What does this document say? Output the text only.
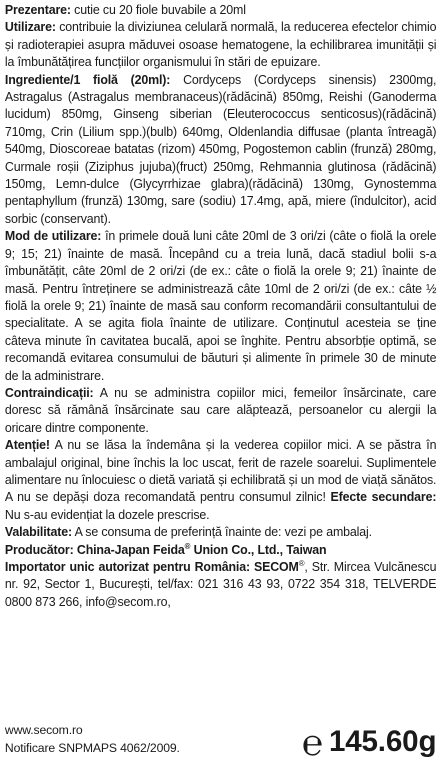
Prezentare: cutie cu 20 fiole buvabile a 20ml

Utilizare: contribuie la diviziunea celulară normală, la reducerea efectelor chimio și radioterapiei asupra măduvei osoase hematogene, la echilibrarea imunității și la îmbunătățirea funcțiilor organismului în stări de epuizare.

Ingrediente/1 fiolă (20ml): Cordyceps (Cordyceps sinensis) 2300mg, Astragalus (Astragalus membranaceus)(rădăcină) 850mg, Reishi (Ganoderma lucidum) 850mg, Ginseng siberian (Eleuterococcus senticosus)(rădăcină) 710mg, Crin (Lilium spp.)(bulb) 640mg, Oldenlandia diffusae (planta întreagă) 540mg, Dioscoreae batatas (rizom) 450mg, Pogostemon cablin (frunză) 280mg, Curmale roșii (Ziziphus jujuba)(fruct) 250mg, Rehmannia glutinosa (rădăcină) 150mg, Lemn-dulce (Glycyrrhizae glabra)(rădăcină) 130mg, Gynostemma pentaphyllum (frunză) 130mg, sare (sodiu) 17.4mg, apă, miere (îndulcitor), acid sorbic (conservant).

Mod de utilizare: în primele două luni câte 20ml de 3 ori/zi (câte o fiolă la orele 9; 15; 21) înainte de masă. Începând cu a treia lună, dacă stadiul bolii s-a îmbunătățit, câte 20ml de 2 ori/zi (de ex.: câte o fiolă la orele 9; 21) înainte de masă. Pentru întreținere se administrează câte 10ml de 2 ori/zi (de ex.: câte ½ fiolă la orele 9; 21) înainte de masă sau conform recomandării consultantului de specialitate. A se agita fiola înainte de utilizare. Conținutul acesteia se ține câteva minute în cavitatea bucală, apoi se înghite. Pentru absorbție optimă, se recomandă evitarea consumului de băuturi și alimente în primele 30 de minute de la administrare.

Contraindicații: A nu se administra copiilor mici, femeilor însărcinate, care doresc să rămână însărcinate sau care alăptează, persoanelor cu alergii la oricare dintre componente.

Atenție! A nu se lăsa la îndemâna și la vederea copiilor mici. A se păstra în ambalajul original, bine închis la loc uscat, ferit de razele soarelui. Suplimentele alimentare nu înlocuiesc o dietă variată și echilibrată și un mod de viață sănătos. A nu se depăși doza recomandată pentru consumul zilnic! Efecte secundare: Nu s-au evidențiat la dozele prescrise.

Valabilitate: A se consuma de preferință înainte de: vezi pe ambalaj.

Producător: China-Japan Feida® Union Co., Ltd., Taiwan

Importator unic autorizat pentru România: SECOM®, Str. Mircea Vulcănescu nr. 92, Sector 1, București, tel/fax: 021 316 43 93, 0722 354 318, TELVERDE 0800 873 266, info@secom.ro,

www.secom.ro
Notificare SNPMAPS 4062/2009.	℮ 145.60g
